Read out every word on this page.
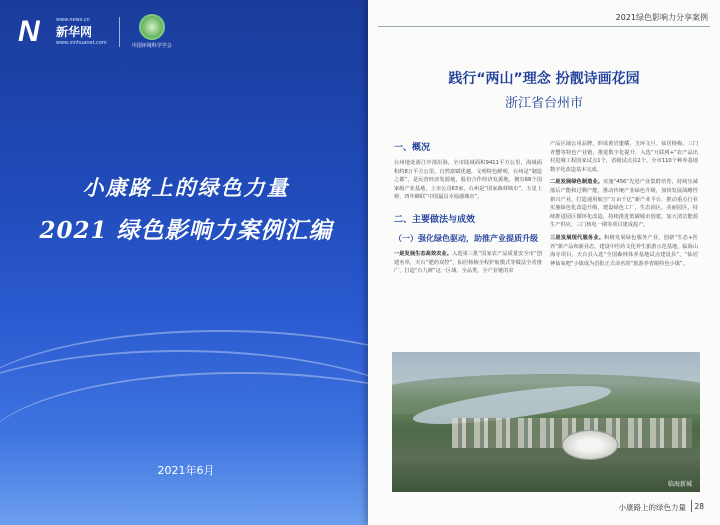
N	www.news.cn
新华网
www.xinhuanet.com	中国环境科学学会
小康路上的绿色力量
2021 绿色影响力案例汇编
2021年6月
2021绿色影响力分享案例
践行“两山”理念 扮靓诗画花园
浙江省台州市
一、概况
台州地处浙江中部沿海，全市陆域面积9411平方公里，海域面积约8万平方公里，自然禀赋优越，文明特色鲜明，台州是“制造之都”，是民营经济发源地，股份合作经济发源地，拥有68个国家级产业基地，上市公司63家，台州是“国家森林城市”，五星上榜，四年蝉联“中国最具幸福感城市”。
二、主要做法与成效
（一）强化绿色驱动，助推产业提质升级
一是发展生态高效农业。入选第三批“国家农产品质量安全市”创建名单，天台“肥药双控”，仙居杨梅全程护航模式等做法全省推广，打造“台九鲜”这一区域、全品类、全产业链的农
产品区域公用品牌，形成黄岩蜜橘、玉环文旦、仙居杨梅、三门青蟹等特色产业链，推进数字化提升，入选“互联网+”农产品出村进城工程国家试点1个，省级试点县2个，全市110个种养基地数字化改造基本完成。
二是发展绿色制造业。实施“456”先进产业集群培育，持续压减落后产能和过剩产能，推动传统产业绿色升级，加快发展战略性新兴产业，打造通用航空“万亩千亿”新产业平台，推动重点行业实施绿色化改造升级，建设绿色工厂，生态园区，美丽园区，持续推进园区循环化改造，持续推进低碳城市创建，加大清洁能源生产供应，三门核电一期等项目建成投产。
三是发展现代服务业。积极发展绿色服务产业，创新“生态+医养”新产品和新业态，建设中医药文化养生旅游示范基地，临海山海寺项目，天台县入选“全国森林体养基地试点建设县”，“仙居神仙氧吧”小镇成为首批正式命名的“旅游养省级特色小镇”。
临海新城
小康路上的绿色力量 28
